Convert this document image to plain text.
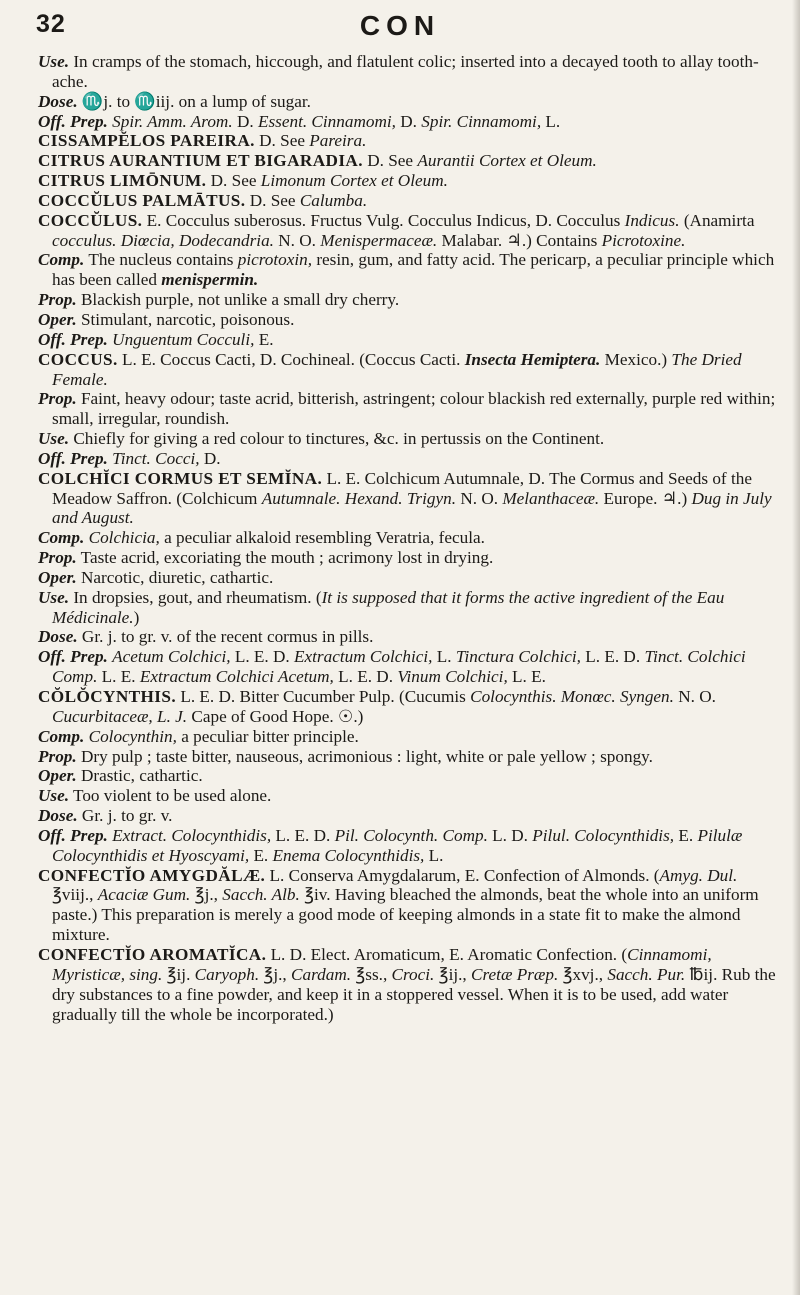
32	CON

Use. In cramps of the stomach, hiccough, and flatulent colic; inserted into a decayed tooth to allay tooth-ache.

Dose. ♏j. to ♏iij. on a lump of sugar.

Off. Prep. Spir. Amm. Arom. D. Essent. Cinnamomi, D. Spir. Cinnamomi, L.

CISSAMPĔLOS PAREIRA. D. See Pareira.

CITRUS AURANTIUM ET BIGARADIA. D. See Aurantii Cortex et Oleum.

CITRUS LIMŌNUM. D. See Limonum Cortex et Oleum.

COCCŬLUS PALMĀTUS. D. See Calumba.

COCCŬLUS. E. Cocculus suberosus. Fructus Vulg. Cocculus Indicus, D. Cocculus Indicus. (Anamirta cocculus. Diœcia, Dodecandria. N. O. Menispermaceæ. Malabar. ♃.) Contains Picrotoxine.

Comp. The nucleus contains picrotoxin, resin, gum, and fatty acid. The pericarp, a peculiar principle which has been called menispermin.

Prop. Blackish purple, not unlike a small dry cherry.

Oper. Stimulant, narcotic, poisonous.

Off. Prep. Unguentum Cocculi, E.

COCCUS. L. E. Coccus Cacti, D. Cochineal. (Coccus Cacti. Insecta Hemiptera. Mexico.) The Dried Female.

Prop. Faint, heavy odour; taste acrid, bitterish, astringent; colour blackish red externally, purple red within; small, irregular, roundish.

Use. Chiefly for giving a red colour to tinctures, &c. in pertussis on the Continent.

Off. Prep. Tinct. Cocci, D.

COLCHĬCI CORMUS ET SEMĬNA. L. E. Colchicum Autumnale, D. The Cormus and Seeds of the Meadow Saffron. (Colchicum Autumnale. Hexand. Trigyn. N. O. Melanthaceæ. Europe. ♃.) Dug in July and August.

Comp. Colchicia, a peculiar alkaloid resembling Veratria, fecula.

Prop. Taste acrid, excoriating the mouth ; acrimony lost in drying.

Oper. Narcotic, diuretic, cathartic.

Use. In dropsies, gout, and rheumatism. (It is supposed that it forms the active ingredient of the Eau Médicinale.)

Dose. Gr. j. to gr. v. of the recent cormus in pills.

Off. Prep. Acetum Colchici, L. E. D. Extractum Colchici, L. Tinctura Colchici, L. E. D. Tinct. Colchici Comp. L. E. Extractum Colchici Acetum, L. E. D. Vinum Colchici, L. E.

CŎLŎCYNTHIS. L. E. D. Bitter Cucumber Pulp. (Cucumis Colocynthis. Monœc. Syngen. N. O. Cucurbitaceæ, L. J. Cape of Good Hope. ☉.)

Comp. Colocynthin, a peculiar bitter principle.

Prop. Dry pulp ; taste bitter, nauseous, acrimonious : light, white or pale yellow ; spongy.

Oper. Drastic, cathartic.

Use. Too violent to be used alone.

Dose. Gr. j. to gr. v.

Off. Prep. Extract. Colocynthidis, L. E. D. Pil. Colocynth. Comp. L. D. Pilul. Colocynthidis, E. Pilulæ Colocynthidis et Hyoscyami, E. Enema Colocynthidis, L.

CONFECTĬO AMYGDĂLÆ. L. Conserva Amygdalarum, E. Confection of Almonds. (Amyg. Dul. ℥viij., Acaciæ Gum. ℥j., Sacch. Alb. ℥iv. Having bleached the almonds, beat the whole into an uniform paste.) This preparation is merely a good mode of keeping almonds in a state fit to make the almond mixture.

CONFECTĬO AROMATĬCA. L. D. Elect. Aromaticum, E. Aromatic Confection. (Cinnamomi, Myristicæ, sing. ℥ij. Caryoph. ℥j., Cardam. ℥ss., Croci. ℥ij., Cretæ Præp. ℥xvj., Sacch. Pur. ℔ij. Rub the dry substances to a fine powder, and keep it in a stoppered vessel. When it is to be used, add water gradually till the whole be incorporated.)
